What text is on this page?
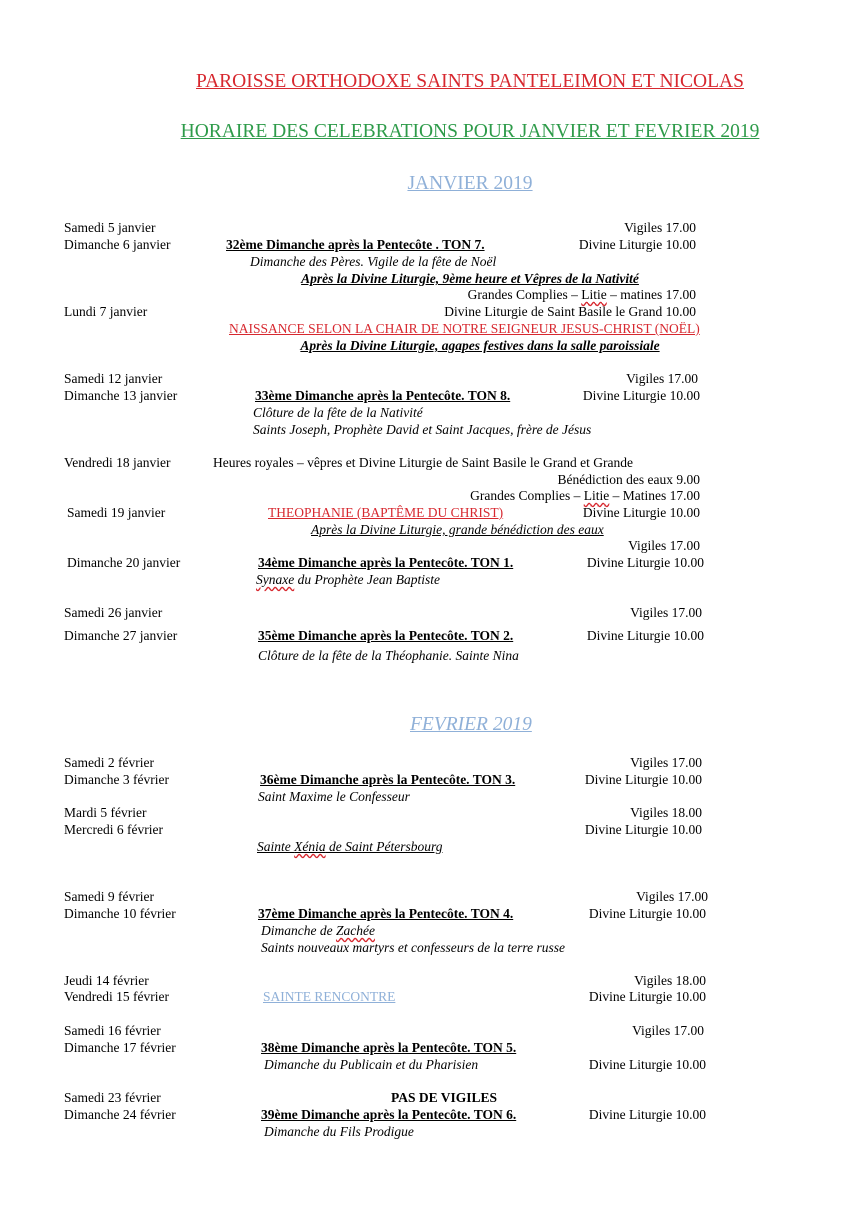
PAROISSE ORTHODOXE SAINTS PANTELEIMON ET NICOLAS
HORAIRE DES CELEBRATIONS POUR JANVIER ET FEVRIER 2019
JANVIER 2019
Samedi 5 janvier	Vigiles 17.00
Dimanche 6 janvier	32ème Dimanche après la Pentecôte . TON 7.	Divine Liturgie 10.00
Dimanche des Pères. Vigile de la fête de Noël
Après la Divine Liturgie, 9ème heure et Vêpres de la Nativité
Grandes Complies – Litie – matines 17.00
Lundi 7 janvier	Divine Liturgie de Saint Basile le Grand 10.00
NAISSANCE SELON LA CHAIR DE NOTRE SEIGNEUR JESUS-CHRIST (NOËL)
Après la Divine Liturgie, agapes festives dans la salle paroissiale
Samedi 12 janvier	Vigiles 17.00
Dimanche 13 janvier	33ème Dimanche après la Pentecôte. TON 8.	Divine Liturgie 10.00
Clôture de la fête de la Nativité
Saints Joseph, Prophète David et Saint Jacques, frère de Jésus
Vendredi 18 janvier	Heures royales – vêpres et Divine Liturgie de Saint Basile le Grand et Grande
Bénédiction des eaux 9.00
Grandes Complies – Litie – Matines 17.00
Samedi 19 janvier	THEOPHANIE (BAPTÊME DU CHRIST)	Divine Liturgie 10.00
Après la Divine Liturgie, grande bénédiction des eaux
Vigiles 17.00
Dimanche 20 janvier	34ème Dimanche après la Pentecôte. TON 1.	Divine Liturgie 10.00
Synaxe du Prophète Jean Baptiste
Samedi 26 janvier	Vigiles 17.00
Dimanche 27 janvier	35ème Dimanche après la Pentecôte. TON 2.	Divine Liturgie 10.00
Clôture de la fête de la Théophanie. Sainte Nina
FEVRIER 2019
Samedi 2 février	Vigiles 17.00
Dimanche 3 février	36ème Dimanche après la Pentecôte. TON 3.	Divine Liturgie 10.00
Saint Maxime le Confesseur
Mardi 5 février	Vigiles 18.00
Mercredi 6 février	Divine Liturgie 10.00
Sainte Xénia de Saint Pétersbourg
Samedi 9 février	Vigiles 17.00
Dimanche 10 février	37ème Dimanche après la Pentecôte. TON 4.	Divine Liturgie 10.00
Dimanche de Zachée
Saints nouveaux martyrs et confesseurs de la terre russe
Jeudi 14 février	Vigiles 18.00
Vendredi 15 février	SAINTE RENCONTRE	Divine Liturgie 10.00
Samedi 16 février	Vigiles 17.00
Dimanche 17 février	38ème Dimanche après la Pentecôte. TON 5.
Dimanche du Publicain et du Pharisien	Divine Liturgie 10.00
Samedi 23 février	PAS DE VIGILES
Dimanche 24 février	39ème Dimanche après la Pentecôte. TON 6.	Divine Liturgie 10.00
Dimanche du Fils Prodigue
